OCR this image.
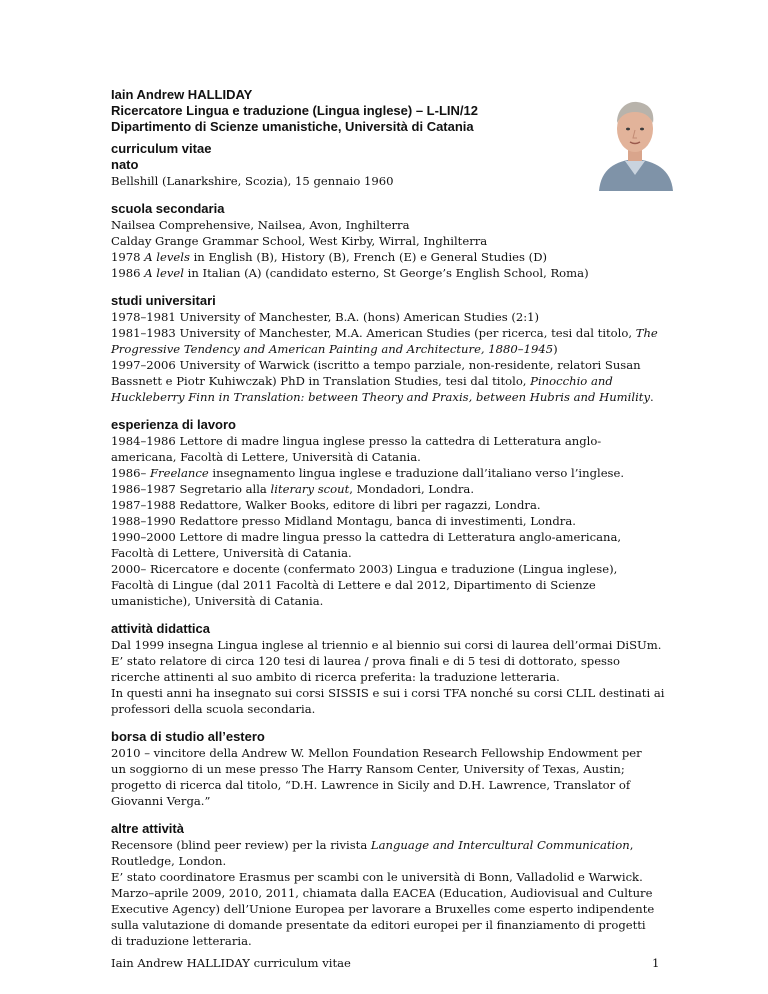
Iain Andrew HALLIDAY
Ricercatore Lingua e traduzione (Lingua inglese) – L-LIN/12
Dipartimento di Scienze umanistiche, Università di Catania

curriculum vitae

nato

Bellshill (Lanarkshire, Scozia), 15 gennaio 1960

scuola secondaria

Nailsea Comprehensive, Nailsea, Avon, Inghilterra

Calday Grange Grammar School, West Kirby, Wirral, Inghilterra

1978 A levels in English (B), History (B), French (E) e General Studies (D)

1986 A level in Italian (A) (candidato esterno, St George’s English School, Roma)

studi universitari

1978–1981 University of Manchester, B.A. (hons) American Studies (2:1)

1981–1983 University of Manchester, M.A. American Studies (per ricerca, tesi dal titolo, The

Progressive Tendency and American Painting and Architecture, 1880–1945)

1997–2006 University of Warwick (iscritto a tempo parziale, non-residente, relatori Susan

Bassnett e Piotr Kuhiwczak) PhD in Translation Studies, tesi dal titolo, Pinocchio and

Huckleberry Finn in Translation: between Theory and Praxis, between Hubris and Humility.

esperienza di lavoro

1984–1986 Lettore di madre lingua inglese presso la cattedra di Letteratura anglo-

americana, Facoltà di Lettere, Università di Catania.

1986– Freelance insegnamento lingua inglese e traduzione dall’italiano verso l’inglese.

1986–1987 Segretario alla literary scout, Mondadori, Londra.

1987–1988 Redattore, Walker Books, editore di libri per ragazzi, Londra.

1988–1990 Redattore presso Midland Montagu, banca di investimenti, Londra.

1990–2000 Lettore di madre lingua presso la cattedra di Letteratura anglo-americana,

Facoltà di Lettere, Università di Catania.

2000– Ricercatore e docente (confermato 2003) Lingua e traduzione (Lingua inglese),

Facoltà di Lingue (dal 2011 Facoltà di Lettere e dal 2012, Dipartimento di Scienze

umanistiche), Università di Catania.

attività didattica

Dal 1999 insegna Lingua inglese al triennio e al biennio sui corsi di laurea dell’ormai DiSUm.

E’ stato relatore di circa 120 tesi di laurea / prova finali e di 5 tesi di dottorato, spesso

ricerche attinenti al suo ambito di ricerca preferita: la traduzione letteraria.

In questi anni ha insegnato sui corsi SISSIS e sui i corsi TFA nonché su corsi CLIL destinati ai

professori della scuola secondaria.

borsa di studio all’estero

2010 – vincitore della Andrew W. Mellon Foundation Research Fellowship Endowment per

un soggiorno di un mese presso The Harry Ransom Center, University of Texas, Austin;

progetto di ricerca dal titolo, “D.H. Lawrence in Sicily and D.H. Lawrence, Translator of

Giovanni Verga.”

altre attività

Recensore (blind peer review) per la rivista Language and Intercultural Communication,

Routledge, London.

E’ stato coordinatore Erasmus per scambi con le università di Bonn, Valladolid e Warwick.

Marzo–aprile 2009, 2010, 2011, chiamata dalla EACEA (Education, Audiovisual and Culture

Executive Agency) dell’Unione Europea per lavorare a Bruxelles come esperto indipendente

sulla valutazione di domande presentate da editori europei per il finanziamento di progetti

di traduzione letteraria.

Iain Andrew HALLIDAY curriculum vitae	1
